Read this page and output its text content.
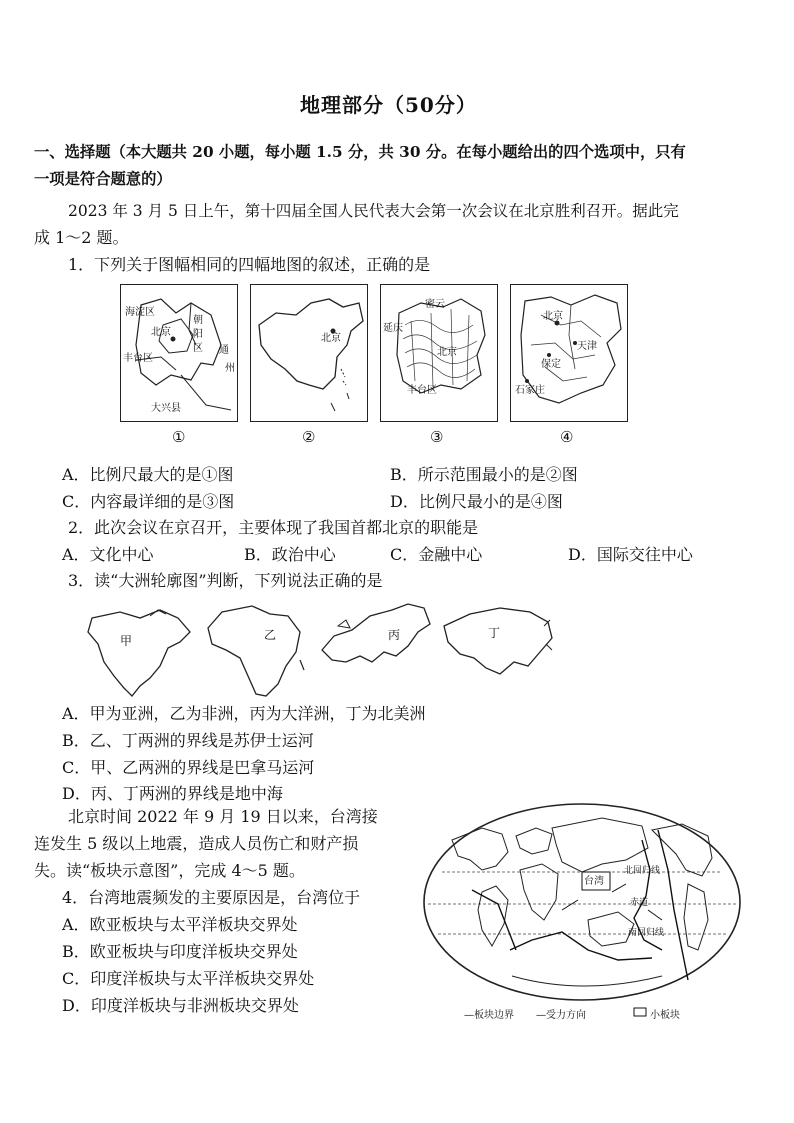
地理部分（50分）
一、选择题（本大题共 20 小题，每小题 1.5 分，共 30 分。在每小题给出的四个选项中，只有
一项是符合题意的）
2023 年 3 月 5 日上午，第十四届全国人民代表大会第一次会议在北京胜利召开。据此完
成 1～2 题。
1．下列关于图幅相同的四幅地图的叙述，正确的是
海淀区
北京
朝
阳
区
丰台区
通
州
大兴县
①
北京
②
密云
延庆
北京
丰台区
③
北京
天津
保定
石家庄
④
A．比例尺最大的是①图	B．所示范围最小的是②图
C．内容最详细的是③图	D．比例尺最小的是④图
2．此次会议在京召开，主要体现了我国首都北京的职能是
A．文化中心	B．政治中心	C．金融中心	D．国际交往中心
3．读“大洲轮廓图”判断，下列说法正确的是
甲	乙	丙	丁
A．甲为亚洲，乙为非洲，丙为大洋洲，丁为北美洲
B．乙、丁两洲的界线是苏伊士运河
C．甲、乙两洲的界线是巴拿马运河
D．丙、丁两洲的界线是地中海
北京时间 2022 年 9 月 19 日以来，台湾接
连发生 5 级以上地震，造成人员伤亡和财产损
失。读“板块示意图”，完成 4～5 题。
4．台湾地震频发的主要原因是，台湾位于
A．欧亚板块与太平洋板块交界处
B．欧亚板块与印度洋板块交界处
C．印度洋板块与太平洋板块交界处
D．印度洋板块与非洲板块交界处
台湾
北回归线
赤道
南回归线
—板块边界 —受力方向	小板块
